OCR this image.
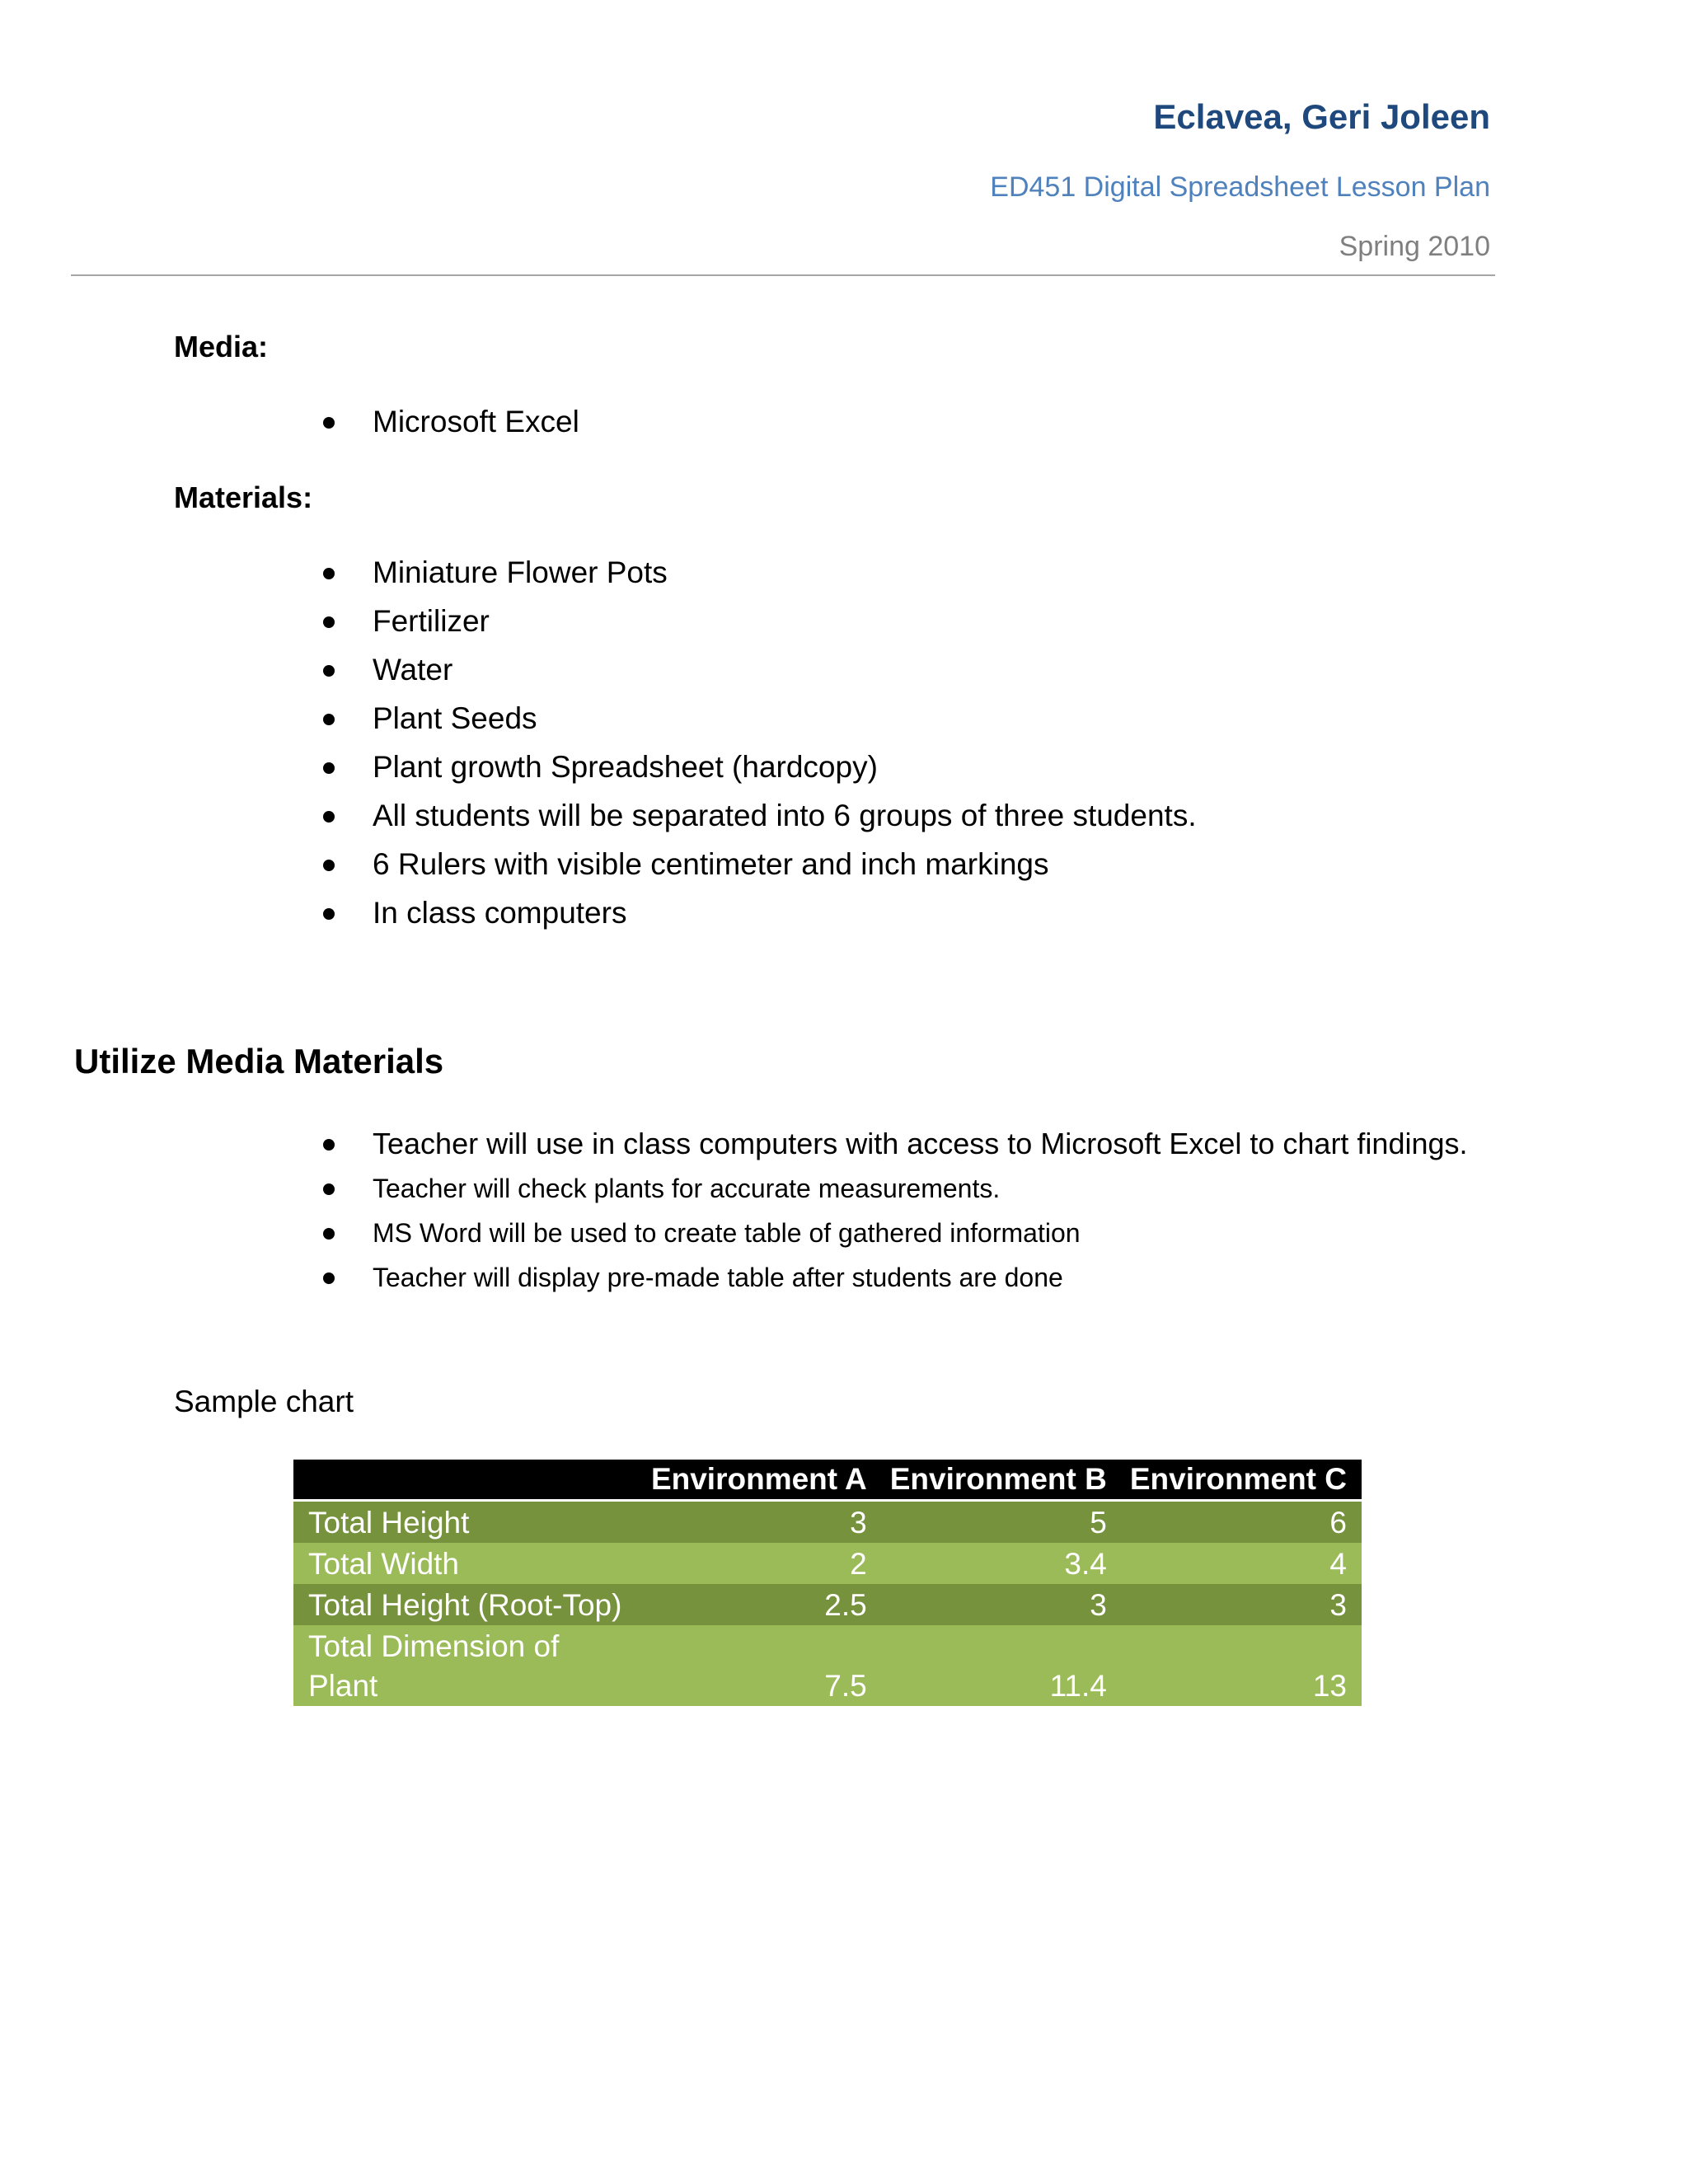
Eclavea, Geri Joleen
ED451 Digital Spreadsheet Lesson Plan
Spring 2010
Media:
Microsoft Excel
Materials:
Miniature Flower Pots
Fertilizer
Water
Plant Seeds
Plant growth Spreadsheet (hardcopy)
All students will be separated into 6 groups of three students.
6 Rulers with visible centimeter and inch markings
In class computers
Utilize Media Materials
Teacher will use in class computers with access to Microsoft Excel to chart findings.
Teacher will check plants for accurate measurements.
MS Word will be used to create table of gathered information
Teacher will display pre-made table after students are done
Sample chart
	Environment A	Environment B	Environment C
Total Height	3	5	6
Total Width	2	3.4	4
Total Height (Root-Top)	2.5	3	3
Total Dimension of Plant	7.5	11.4	13
